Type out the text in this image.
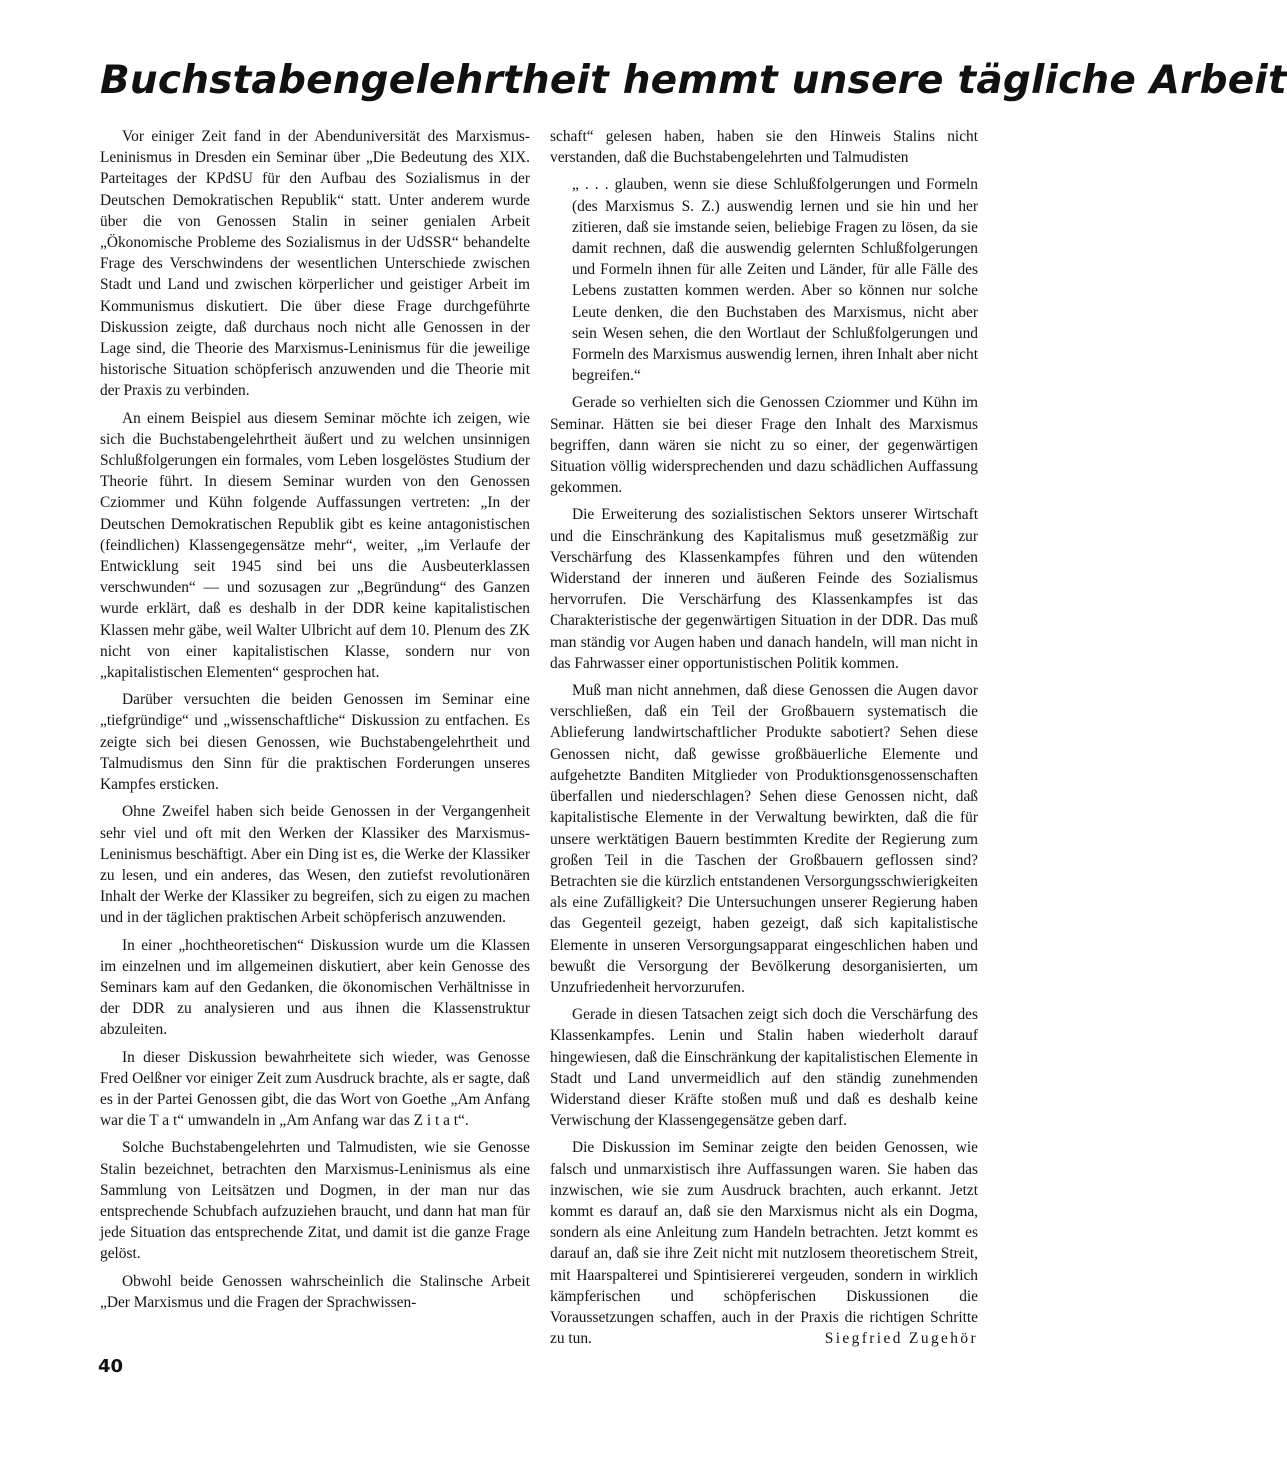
Buchstabengelehrtheit hemmt unsere tägliche Arbeit

Vor einiger Zeit fand in der Abenduniversität des Marxismus-Leninismus in Dresden ein Seminar über „Die Bedeutung des XIX. Parteitages der KPdSU für den Aufbau des Sozialismus in der Deutschen Demokratischen Republik“ statt. Unter anderem wurde über die von Genossen Stalin in seiner genialen Arbeit „Ökonomische Probleme des Sozialismus in der UdSSR“ behandelte Frage des Verschwindens der wesentlichen Unterschiede zwischen Stadt und Land und zwischen körperlicher und geistiger Arbeit im Kommunismus diskutiert. Die über diese Frage durchgeführte Diskussion zeigte, daß durchaus noch nicht alle Genossen in der Lage sind, die Theorie des Marxismus-Leninismus für die jeweilige historische Situation schöpferisch anzuwenden und die Theorie mit der Praxis zu verbinden.

An einem Beispiel aus diesem Seminar möchte ich zeigen, wie sich die Buchstabengelehrtheit äußert und zu welchen unsinnigen Schlußfolgerungen ein formales, vom Leben losgelöstes Studium der Theorie führt. In diesem Seminar wurden von den Genossen Cziommer und Kühn folgende Auffassungen vertreten: „In der Deutschen Demokratischen Republik gibt es keine antagonistischen (feindlichen) Klassengegensätze mehr“, weiter, „im Verlaufe der Entwicklung seit 1945 sind bei uns die Ausbeuterklassen verschwunden“ — und sozusagen zur „Begründung“ des Ganzen wurde erklärt, daß es deshalb in der DDR keine kapitalistischen Klassen mehr gäbe, weil Walter Ulbricht auf dem 10. Plenum des ZK nicht von einer kapitalistischen Klasse, sondern nur von „kapitalistischen Elementen“ gesprochen hat.

Darüber versuchten die beiden Genossen im Seminar eine „tiefgründige“ und „wissenschaftliche“ Diskussion zu entfachen. Es zeigte sich bei diesen Genossen, wie Buchstabengelehrtheit und Talmudismus den Sinn für die praktischen Forderungen unseres Kampfes ersticken.

Ohne Zweifel haben sich beide Genossen in der Vergangenheit sehr viel und oft mit den Werken der Klassiker des Marxismus-Leninismus beschäftigt. Aber ein Ding ist es, die Werke der Klassiker zu lesen, und ein anderes, das Wesen, den zutiefst revolutionären Inhalt der Werke der Klassiker zu begreifen, sich zu eigen zu machen und in der täglichen praktischen Arbeit schöpferisch anzuwenden.

In einer „hochtheoretischen“ Diskussion wurde um die Klassen im einzelnen und im allgemeinen diskutiert, aber kein Genosse des Seminars kam auf den Gedanken, die ökonomischen Verhältnisse in der DDR zu analysieren und aus ihnen die Klassenstruktur abzuleiten.

In dieser Diskussion bewahrheitete sich wieder, was Genosse Fred Oelßner vor einiger Zeit zum Ausdruck brachte, als er sagte, daß es in der Partei Genossen gibt, die das Wort von Goethe „Am Anfang war die T a t“ umwandeln in „Am Anfang war das Z i t a t“.

Solche Buchstabengelehrten und Talmudisten, wie sie Genosse Stalin bezeichnet, betrachten den Marxismus-Leninismus als eine Sammlung von Leitsätzen und Dogmen, in der man nur das entsprechende Schubfach aufzuziehen braucht, und dann hat man für jede Situation das entsprechende Zitat, und damit ist die ganze Frage gelöst.

Obwohl beide Genossen wahrscheinlich die Stalinsche Arbeit „Der Marxismus und die Fragen der Sprachwissen-

schaft“ gelesen haben, haben sie den Hinweis Stalins nicht verstanden, daß die Buchstabengelehrten und Talmudisten

„ . . . glauben, wenn sie diese Schlußfolgerungen und Formeln (des Marxismus S. Z.) auswendig lernen und sie hin und her zitieren, daß sie imstande seien, beliebige Fragen zu lösen, da sie damit rechnen, daß die auswendig gelernten Schlußfolgerungen und Formeln ihnen für alle Zeiten und Länder, für alle Fälle des Lebens zustatten kommen werden. Aber so können nur solche Leute denken, die den Buchstaben des Marxismus, nicht aber sein Wesen sehen, die den Wortlaut der Schlußfolgerungen und Formeln des Marxismus auswendig lernen, ihren Inhalt aber nicht begreifen.“

Gerade so verhielten sich die Genossen Cziommer und Kühn im Seminar. Hätten sie bei dieser Frage den Inhalt des Marxismus begriffen, dann wären sie nicht zu so einer, der gegenwärtigen Situation völlig widersprechenden und dazu schädlichen Auffassung gekommen.

Die Erweiterung des sozialistischen Sektors unserer Wirtschaft und die Einschränkung des Kapitalismus muß gesetzmäßig zur Verschärfung des Klassenkampfes führen und den wütenden Widerstand der inneren und äußeren Feinde des Sozialismus hervorrufen. Die Verschärfung des Klassenkampfes ist das Charakteristische der gegenwärtigen Situation in der DDR. Das muß man ständig vor Augen haben und danach handeln, will man nicht in das Fahrwasser einer opportunistischen Politik kommen.

Muß man nicht annehmen, daß diese Genossen die Augen davor verschließen, daß ein Teil der Großbauern systematisch die Ablieferung landwirtschaftlicher Produkte sabotiert? Sehen diese Genossen nicht, daß gewisse großbäuerliche Elemente und aufgehetzte Banditen Mitglieder von Produktionsgenossenschaften überfallen und niederschlagen? Sehen diese Genossen nicht, daß kapitalistische Elemente in der Verwaltung bewirkten, daß die für unsere werktätigen Bauern bestimmten Kredite der Regierung zum großen Teil in die Taschen der Großbauern geflossen sind? Betrachten sie die kürzlich entstandenen Versorgungsschwierigkeiten als eine Zufälligkeit? Die Untersuchungen unserer Regierung haben das Gegenteil gezeigt, haben gezeigt, daß sich kapitalistische Elemente in unseren Versorgungsapparat eingeschlichen haben und bewußt die Versorgung der Bevölkerung desorganisierten, um Unzufriedenheit hervorzurufen.

Gerade in diesen Tatsachen zeigt sich doch die Verschärfung des Klassenkampfes. Lenin und Stalin haben wiederholt darauf hingewiesen, daß die Einschränkung der kapitalistischen Elemente in Stadt und Land unvermeidlich auf den ständig zunehmenden Widerstand dieser Kräfte stoßen muß und daß es deshalb keine Verwischung der Klassengegensätze geben darf.

Die Diskussion im Seminar zeigte den beiden Genossen, wie falsch und unmarxistisch ihre Auffassungen waren. Sie haben das inzwischen, wie sie zum Ausdruck brachten, auch erkannt. Jetzt kommt es darauf an, daß sie den Marxismus nicht als ein Dogma, sondern als eine Anleitung zum Handeln betrachten. Jetzt kommt es darauf an, daß sie ihre Zeit nicht mit nutzlosem theoretischem Streit, mit Haarspalterei und Spintisiererei vergeuden, sondern in wirklich kämpferischen und schöpferischen Diskussionen die Voraussetzungen schaffen, auch in der Praxis die richtigen Schritte zu tun.	Siegfried Zugehör

40
